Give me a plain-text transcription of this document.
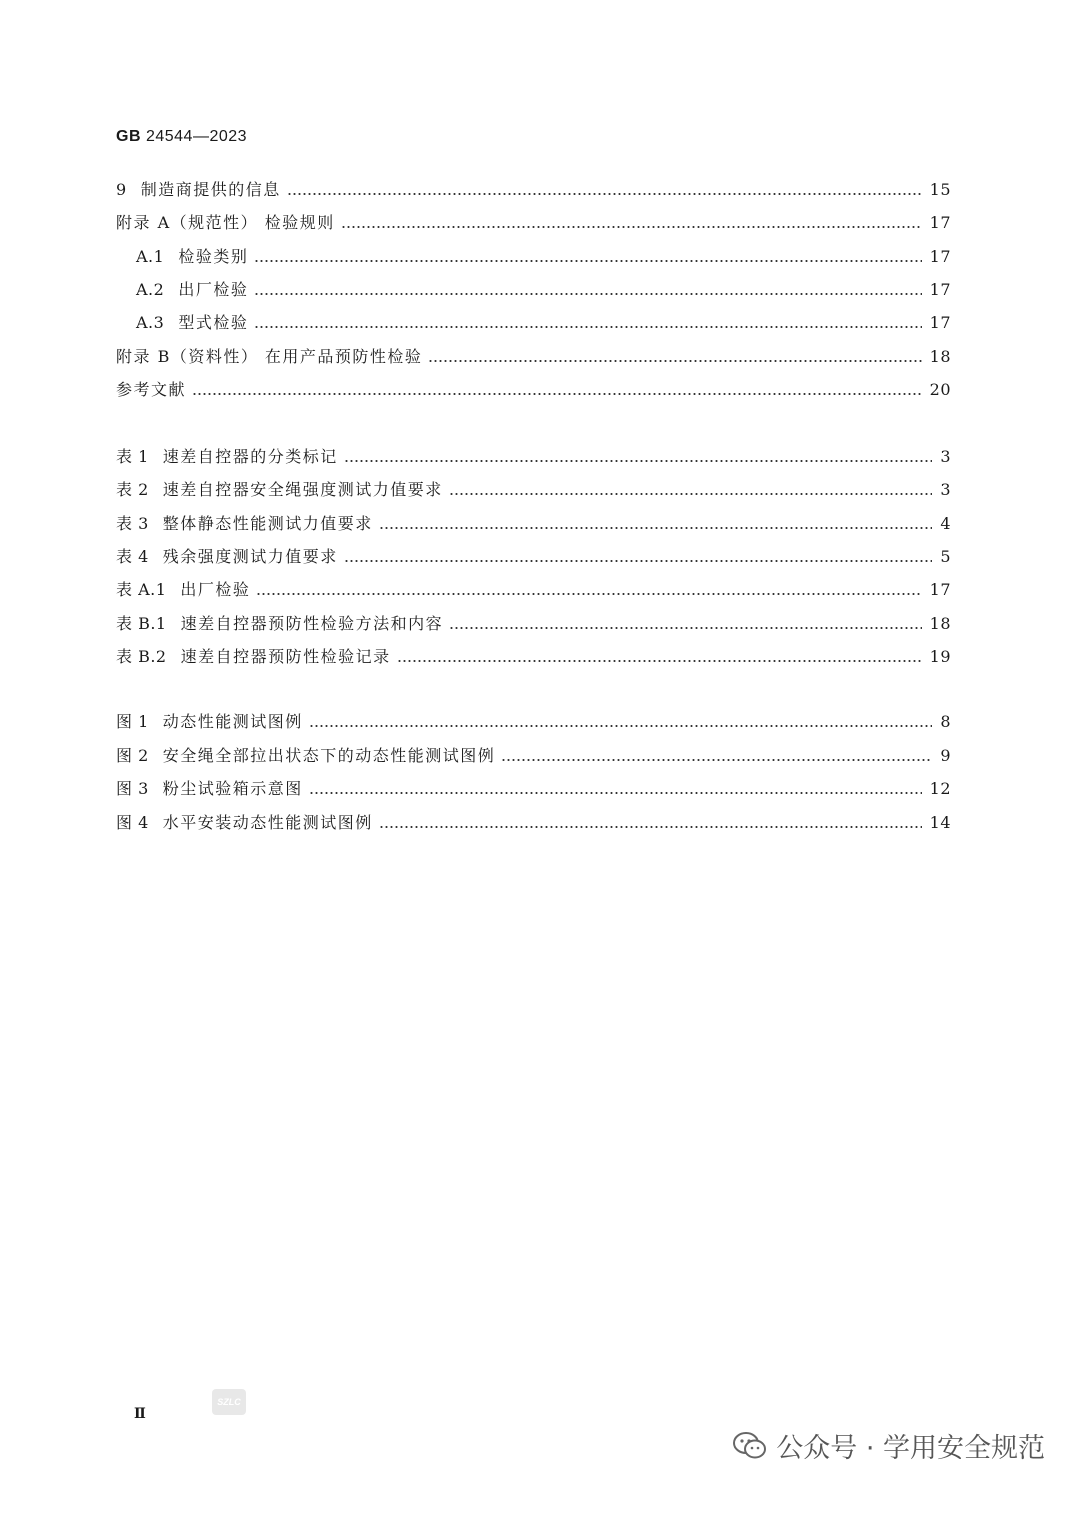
GB 24544—2023
9 制造商提供的信息	15
附录 A（规范性） 检验规则	17
A.1 检验类别	17
A.2 出厂检验	17
A.3 型式检验	17
附录 B（资料性） 在用产品预防性检验	18
参考文献	20
表 1 速差自控器的分类标记	3
表 2 速差自控器安全绳强度测试力值要求	3
表 3 整体静态性能测试力值要求	4
表 4 残余强度测试力值要求	5
表 A.1 出厂检验	17
表 B.1 速差自控器预防性检验方法和内容	18
表 B.2 速差自控器预防性检验记录	19
图 1 动态性能测试图例	8
图 2 安全绳全部拉出状态下的动态性能测试图例	9
图 3 粉尘试验箱示意图	12
图 4 水平安装动态性能测试图例	14
Ⅱ
SZLC
公众号 · 学用安全规范
